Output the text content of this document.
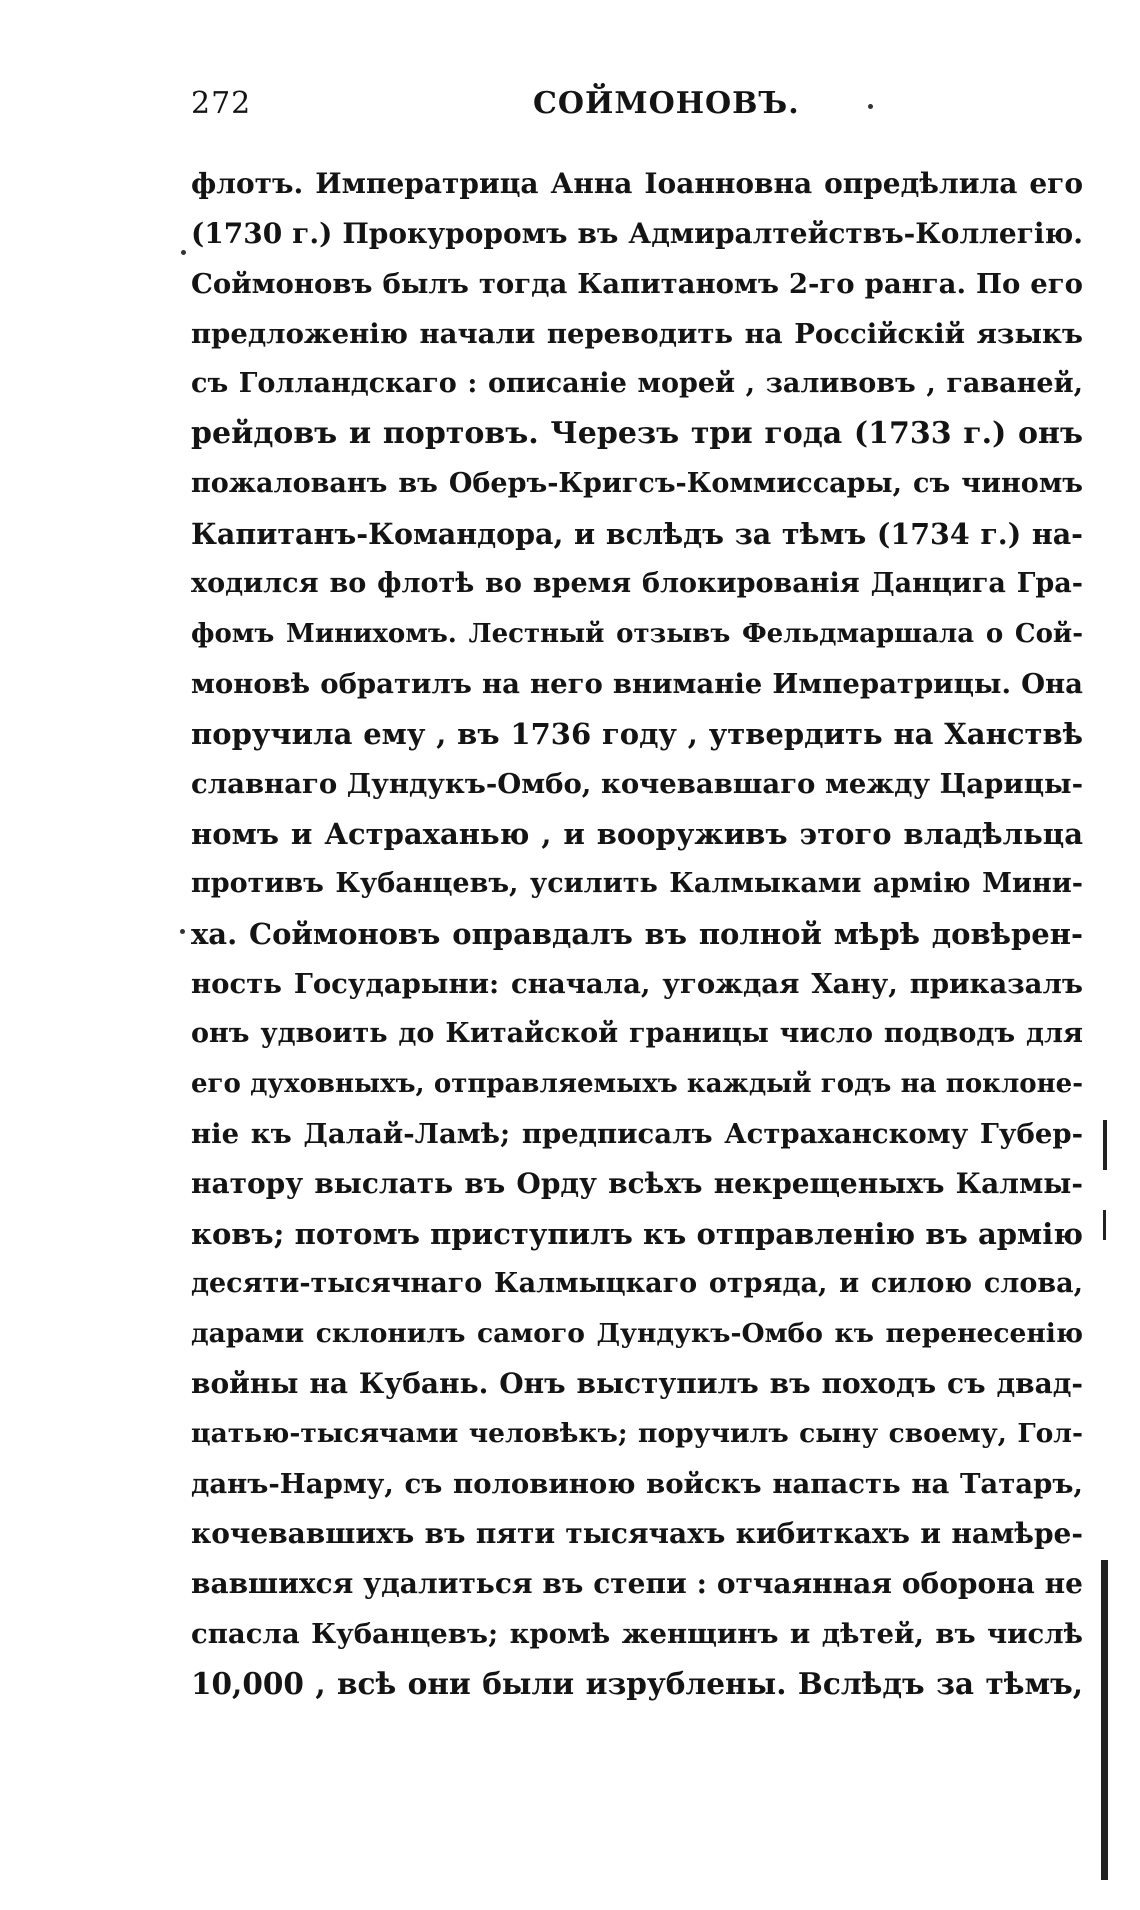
272	СОЙМОНОВЪ.
флотъ. Императрица Анна Іоанновна опредѣлила его
(1730 г.) Прокуроромъ въ Адмиралтействъ-Коллегію.
Соймоновъ былъ тогда Капитаномъ 2-го ранга. По его
предложенію начали переводить на Россійскій языкъ
съ Голландскаго : описаніе морей , заливовъ , гаваней,
рейдовъ и портовъ. Черезъ три года (1733 г.) онъ
пожалованъ въ Оберъ-Кригсъ-Коммиссары, съ чиномъ
Капитанъ-Командора, и вслѣдъ за тѣмъ (1734 г.) на-
ходился во флотѣ во время блокированія Данцига Гра-
фомъ Минихомъ. Лестный отзывъ Фельдмаршала о Сой-
моновѣ обратилъ на него вниманіе Императрицы. Она
поручила ему , въ 1736 году , утвердить на Ханствѣ
славнаго Дундукъ-Омбо, кочевавшаго между Царицы-
номъ и Астраханью , и вооруживъ этого владѣльца
противъ Кубанцевъ, усилить Калмыками армію Мини-
ха. Соймоновъ оправдалъ въ полной мѣрѣ довѣрен-
ность Государыни: сначала, угождая Хану, приказалъ
онъ удвоить до Китайской границы число подводъ для
его духовныхъ, отправляемыхъ каждый годъ на поклоне-
ніе къ Далай-Ламѣ; предписалъ Астраханскому Губер-
натору выслать въ Орду всѣхъ некрещеныхъ Калмы-
ковъ; потомъ приступилъ къ отправленію въ армію
десяти-тысячнаго Калмыцкаго отряда, и силою слова,
дарами склонилъ самого Дундукъ-Омбо къ перенесенію
войны на Кубань. Онъ выступилъ въ походъ съ двад-
цатью-тысячами человѣкъ; поручилъ сыну своему, Гол-
данъ-Нарму, съ половиною войскъ напасть на Татаръ,
кочевавшихъ въ пяти тысячахъ кибиткахъ и намѣре-
вавшихся удалиться въ степи : отчаянная оборона не
спасла Кубанцевъ; кромѣ женщинъ и дѣтей, въ числѣ
10,000 , всѣ они были изрублены. Вслѣдъ за тѣмъ,
